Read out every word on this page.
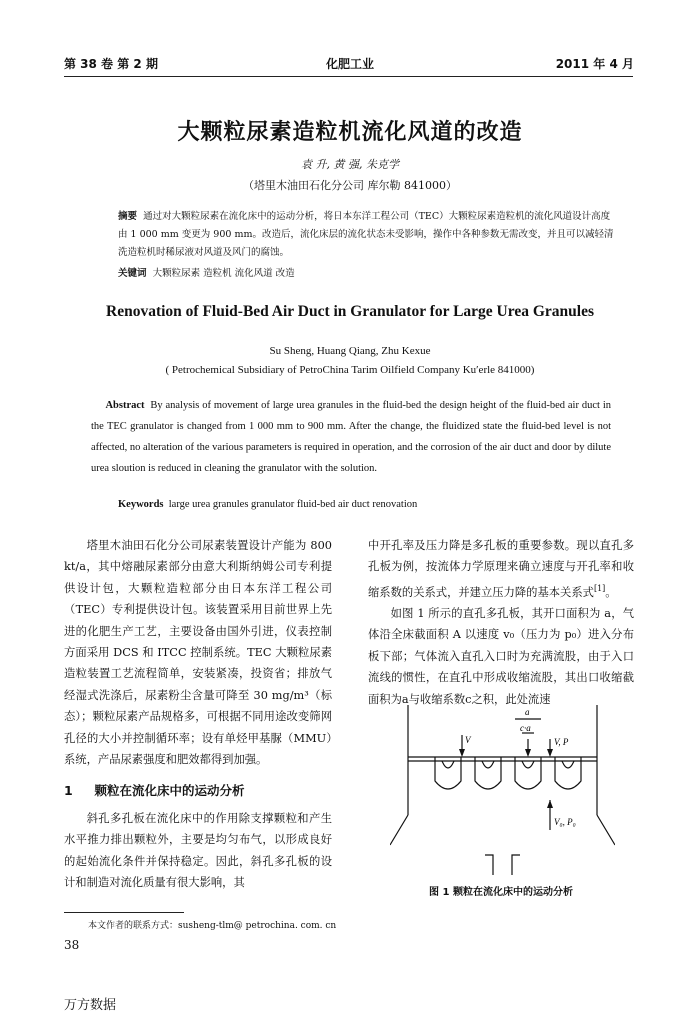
第 38 卷 第 2 期	化肥工业	2011 年 4 月
大颗粒尿素造粒机流化风道的改造
袁 升, 黄 强, 朱克学
（塔里木油田石化分公司 库尔勒 841000）
摘要 通过对大颗粒尿素在流化床中的运动分析，将日本东洋工程公司（TEC）大颗粒尿素造粒机的流化风道设计高度由 1 000 mm 变更为 900 mm。改造后，流化床层的流化状态未受影响，操作中各种参数无需改变，并且可以减轻清洗造粒机时稀尿液对风道及风门的腐蚀。
关键词 大颗粒尿素 造粒机 流化风道 改造
Renovation of Fluid-Bed Air Duct in Granulator for Large Urea Granules
Su Sheng, Huang Qiang, Zhu Kexue
( Petrochemical Subsidiary of PetroChina Tarim Oilfield Company Ku′erle 841000)
Abstract By analysis of movement of large urea granules in the fluid-bed the design height of the fluid-bed air duct in the TEC granulator is changed from 1 000 mm to 900 mm. After the change, the fluidized state the fluid-bed level is not affected, no alteration of the various parameters is required in operation, and the corrosion of the air duct and door by dilute urea sloution is reduced in cleaning the granulator with the solution.
Keywords large urea granules granulator fluid-bed air duct renovation

塔里木油田石化分公司尿素装置设计产能为 800 kt/a，其中熔融尿素部分由意大利斯纳姆公司专利提供设计包，大颗粒造粒部分由日本东洋工程公司（TEC）专利提供设计包。该装置采用目前世界上先进的化肥生产工艺，主要设备由国外引进，仪表控制方面采用 DCS 和 ITCC 控制系统。TEC 大颗粒尿素造粒装置工艺流程简单，安装紧凑，投资省；排放气经湿式洗涤后，尿素粉尘含量可降至 30 mg/m³（标态）；颗粒尿素产品规格多，可根据不同用途改变筛网孔径的大小并控制循环率；设有单烃甲基脲（MMU）系统，产品尿素强度和肥效都得到加强。

1 颗粒在流化床中的运动分析

斜孔多孔板在流化床中的作用除支撑颗粒和产生水平推力排出颗粒外，主要是均匀布气，以形成良好的起始流化条件并保持稳定。因此，斜孔多孔板的设计和制造对流化质量有很大影响，其

中开孔率及压力降是多孔板的重要参数。现以直孔多孔板为例，按流体力学原理来确立速度与开孔率和收缩系数的关系式，并建立压力降的基本关系式[1]。

如图 1 所示的直孔多孔板，其开口面积为 a，气体沿全床截面积 A 以速度 v₀（压力为 p₀）进入分布板下部；气体流入直孔入口时为充满流股，由于入口流线的惯性，在直孔中形成收缩流股，其出口收缩截面积为a与收缩系数c之积，此处流速

a
c·a
V	V, P
V₀, P₀
图 1 颗粒在流化床中的运动分析
本文作者的联系方式：susheng-tlm@ petrochina. com. cn
38
万方数据
